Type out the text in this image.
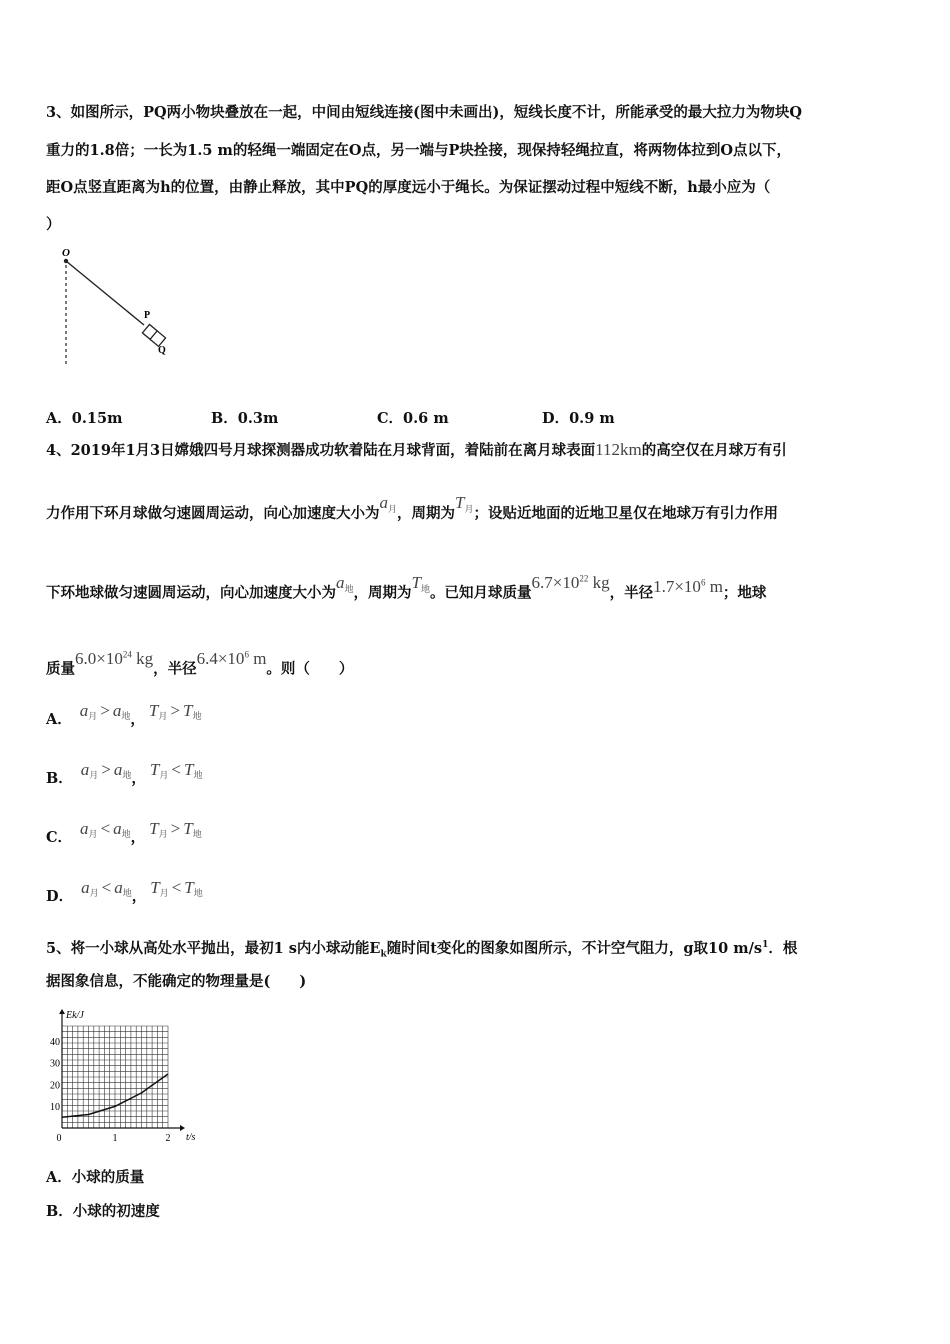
3、如图所示，PQ两小物块叠放在一起，中间由短线连接(图中未画出)，短线长度不计，所能承受的最大拉力为物块Q
重力的1.8倍；一长为1.5 m的轻绳一端固定在O点，另一端与P块拴接，现保持轻绳拉直，将两物体拉到O点以下，
距O点竖直距离为h的位置，由静止释放，其中PQ的厚度远小于绳长。为保证摆动过程中短线不断，h最小应为（
）
O
P
Q
A．0.15m	B．0.3m	C．0.6 m	D．0.9 m
4、2019年1月3日嫦娥四号月球探测器成功软着陆在月球背面，着陆前在离月球表面112km的高空仅在月球万有引
力作用下环月球做匀速圆周运动，向心加速度大小为$a^月$，周期为$T^月$；设贴近地面的近地卫星仅在地球万有引力作用
下环地球做匀速圆周运动，向心加速度大小为$a^地$，周期为$T^地$。已知月球质量$6.7\times 10^{22}$ kg，半径$1.7\times 10^6$ m；地球
质量$6.0\times 10^{24}$ kg，半径$6.4\times 10^6$ m。则（　　）
A． $a^月 > a^地$， $T^月 > T^地$
B． $a^月 > a^地$， $T^月 < T^地$
C． $a^月 < a^地$， $T^月 > T^地$
D． $a^月 < a^地$， $T^月 < T^地$
5、将一小球从高处水平抛出，最初1 s内小球动能$E_k$随时间t变化的图象如图所示，不计空气阻力，g取10 $m/s^1$．根
据图象信息，不能确定的物理量是(　　)
10
20
30
40
0	1	2 t/s
Ek/J
A．小球的质量
B．小球的初速度
